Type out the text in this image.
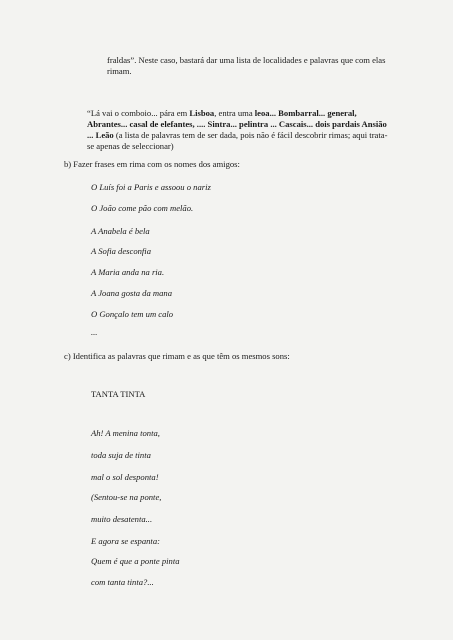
fraldas”. Neste caso, bastará dar uma lista de localidades e palavras que com elas rimam.

“Lá vai o comboio... pára em Lisboa, entra uma leoa... Bombarral... general, Abrantes... casal de elefantes, .... Sintra... pelintra ... Cascais... dois pardais Ansião ... Leão (a lista de palavras tem de ser dada, pois não é fácil descobrir rimas; aqui trata-se apenas de seleccionar)

b) Fazer frases em rima com os nomes dos amigos:
O Luís foi a Paris e assoou o nariz
O João come pão com melão.
A Anabela é bela
A Sofia desconfia
A Maria anda na ria.
A Joana gosta da mana
O Gonçalo tem um calo
...
c) Identifica as palavras que rimam e as que têm os mesmos sons:
TANTA TINTA
Ah! A menina tonta,
toda suja de tinta
mal o sol desponta!
(Sentou-se na ponte,
muito desatenta...
E agora se espanta:
Quem é que a ponte pinta
com tanta tinta?...
